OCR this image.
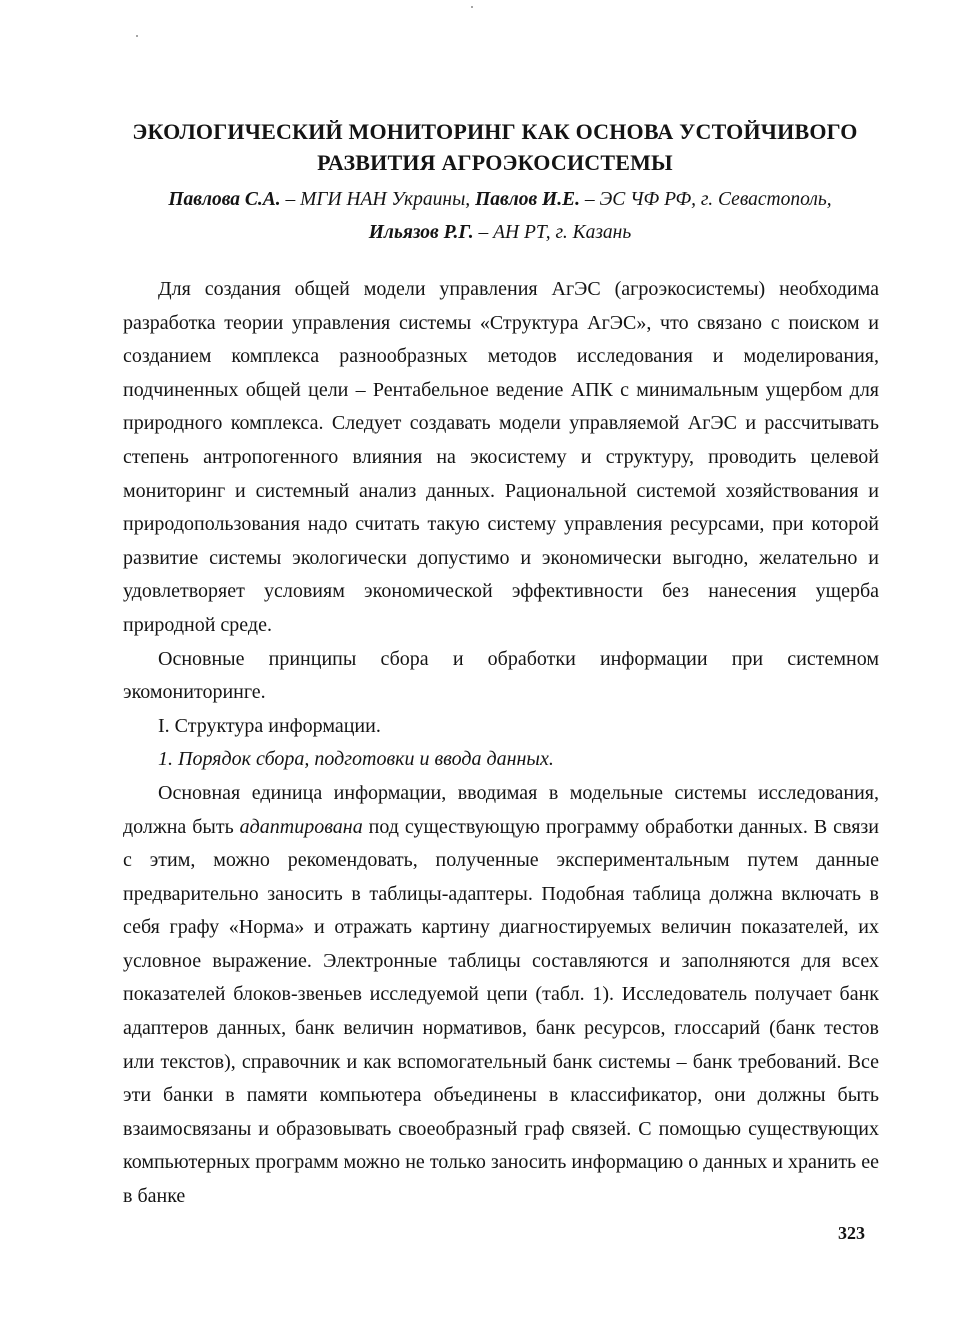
ЭКОЛОГИЧЕСКИЙ МОНИТОРИНГ КАК ОСНОВА УСТОЙЧИВОГО
РАЗВИТИЯ АГРОЭКОСИСТЕМЫ
Павлова С.А. – МГИ НАН Украины, Павлов И.Е. – ЭС ЧФ РФ, г. Севастополь,
Ильязов Р.Г. – АН РТ, г. Казань

Для создания общей модели управления АгЭС (агроэкосистемы) необходима разработка теории управления системы «Структура АгЭС», что связано с поиском и созданием комплекса разнообразных методов исследования и моделирования, подчиненных общей цели – Рентабельное ведение АПК с минимальным ущербом для природного комплекса. Следует создавать модели управляемой АгЭС и рассчитывать степень антропогенного влияния на экосистему и структуру, проводить целевой мониторинг и системный анализ данных. Рациональной системой хозяйствования и природопользования надо считать такую систему управления ресурсами, при которой развитие системы экологически допустимо и экономически выгодно, желательно и удовлетворяет условиям экономической эффективности без нанесения ущерба природной среде.

Основные принципы сбора и обработки информации при системном экомониторинге.

I. Структура информации.

1. Порядок сбора, подготовки и ввода данных.

Основная единица информации, вводимая в модельные системы исследования, должна быть адаптирована под существующую программу обработки данных. В связи с этим, можно рекомендовать, полученные экспериментальным путем данные предварительно заносить в таблицы-адаптеры. Подобная таблица должна включать в себя графу «Норма» и отражать картину диагностируемых величин показателей, их условное выражение. Электронные таблицы составляются и заполняются для всех показателей блоков-звеньев исследуемой цепи (табл. 1). Исследователь получает банк адаптеров данных, банк величин нормативов, банк ресурсов, глоссарий (банк тестов или текстов), справочник и как вспомогательный банк системы – банк требований. Все эти банки в памяти компьютера объединены в классификатор, они должны быть взаимосвязаны и образовывать своеобразный граф связей. С помощью существующих компьютерных программ можно не только заносить информацию о данных и хранить ее в банке

323
